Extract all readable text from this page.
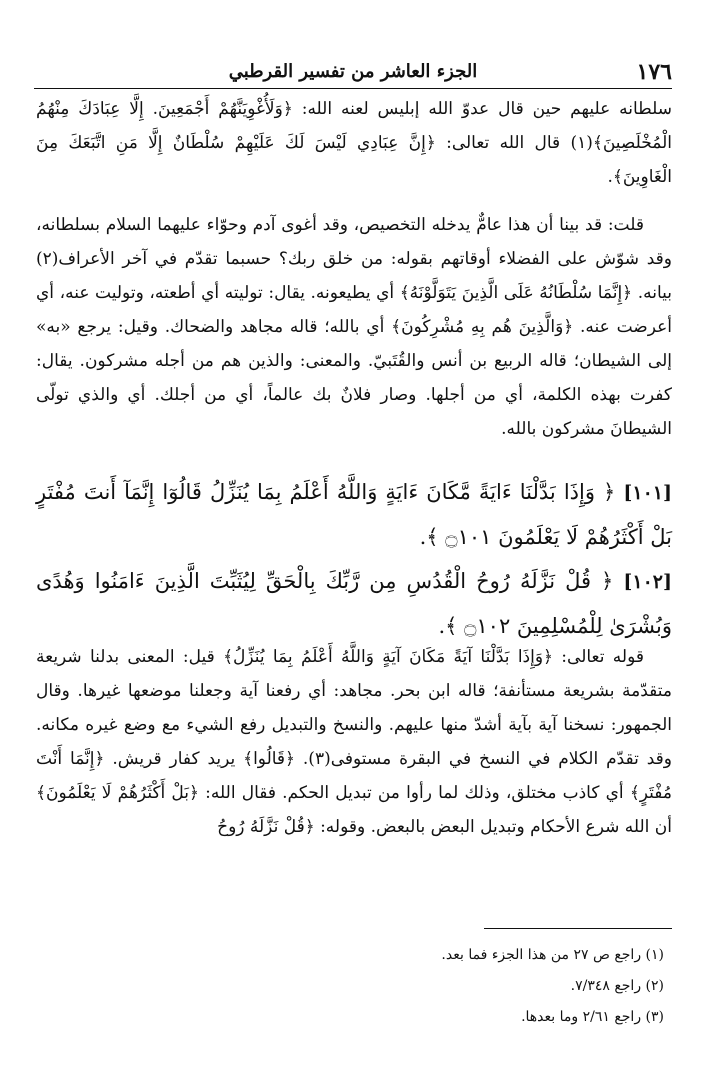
١٧٦
الجزء العاشر من تفسير القرطبي

سلطانه عليهم حين قال عدوّ الله إبليس لعنه الله: ﴿وَلَأُغْوِيَنَّهُمْ أَجْمَعِينَ. إِلَّا عِبَادَكَ مِنْهُمُ الْمُخْلَصِينَ﴾(١) قال الله تعالى: ﴿إِنَّ عِبَادِي لَيْسَ لَكَ عَلَيْهِمْ سُلْطَانٌ إِلَّا مَنِ اتَّبَعَكَ مِنَ الْغَاوِينَ﴾.

قلت: قد بينا أن هذا عامٌّ يدخله التخصيص، وقد أغوى آدم وحوّاء عليهما السلام بسلطانه، وقد شوّش على الفضلاء أوقاتهم بقوله: من خلق ربك؟ حسبما تقدّم في آخر الأعراف(٢) بيانه. ﴿إِنَّمَا سُلْطَانُهُ عَلَى الَّذِينَ يَتَوَلَّوْنَهُ﴾ أي يطيعونه. يقال: توليته أي أطعته، وتوليت عنه، أي أعرضت عنه. ﴿وَالَّذِينَ هُم بِهِ مُشْرِكُونَ﴾ أي بالله؛ قاله مجاهد والضحاك. وقيل: يرجع «به» إلى الشيطان؛ قاله الربيع بن أنس والقُتَبيّ. والمعنى: والذين هم من أجله مشركون. يقال: كفرت بهذه الكلمة، أي من أجلها. وصار فلانٌ بك عالماً، أي من أجلك. أي والذي تولّى الشيطانَ مشركون بالله.

[١٠١] ﴿ وَإِذَا بَدَّلْنَا ءَايَةً مَّكَانَ ءَايَةٍ وَاللَّهُ أَعْلَمُ بِمَا يُنَزِّلُ قَالُوٓا إِنَّمَآ أَنتَ مُفْتَرٍ بَلْ أَكْثَرُهُمْ لَا يَعْلَمُونَ ۝١٠١ ﴾.
[١٠٢] ﴿ قُلْ نَزَّلَهُ رُوحُ الْقُدُسِ مِن رَّبِّكَ بِالْحَقِّ لِيُثَبِّتَ الَّذِينَ ءَامَنُوا وَهُدًى وَبُشْرَىٰ لِلْمُسْلِمِينَ ۝١٠٢ ﴾.

قوله تعالى: ﴿وَإِذَا بَدَّلْنَا آيَةً مَكَانَ آيَةٍ وَاللَّهُ أَعْلَمُ بِمَا يُنَزِّلُ﴾ قيل: المعنى بدلنا شريعة متقدّمة بشريعة مستأنفة؛ قاله ابن بحر. مجاهد: أي رفعنا آية وجعلنا موضعها غيرها. وقال الجمهور: نسخنا آية بآية أشدّ منها عليهم. والنسخ والتبديل رفع الشيء مع وضع غيره مكانه. وقد تقدّم الكلام في النسخ في البقرة مستوفى(٣). ﴿قَالُوا﴾ يريد كفار قريش. ﴿إِنَّمَا أَنْتَ مُفْتَرٍ﴾ أي كاذب مختلق، وذلك لما رأوا من تبديل الحكم. فقال الله: ﴿بَلْ أَكْثَرُهُمْ لَا يَعْلَمُونَ﴾ أن الله شرع الأحكام وتبديل البعض بالبعض. وقوله: ﴿قُلْ نَزَّلَهُ رُوحُ

(١) راجع ص ٢٧ من هذا الجزء فما بعد.
(٢) راجع ٧/٣٤٨.
(٣) راجع ٢/٦١ وما بعدها.
